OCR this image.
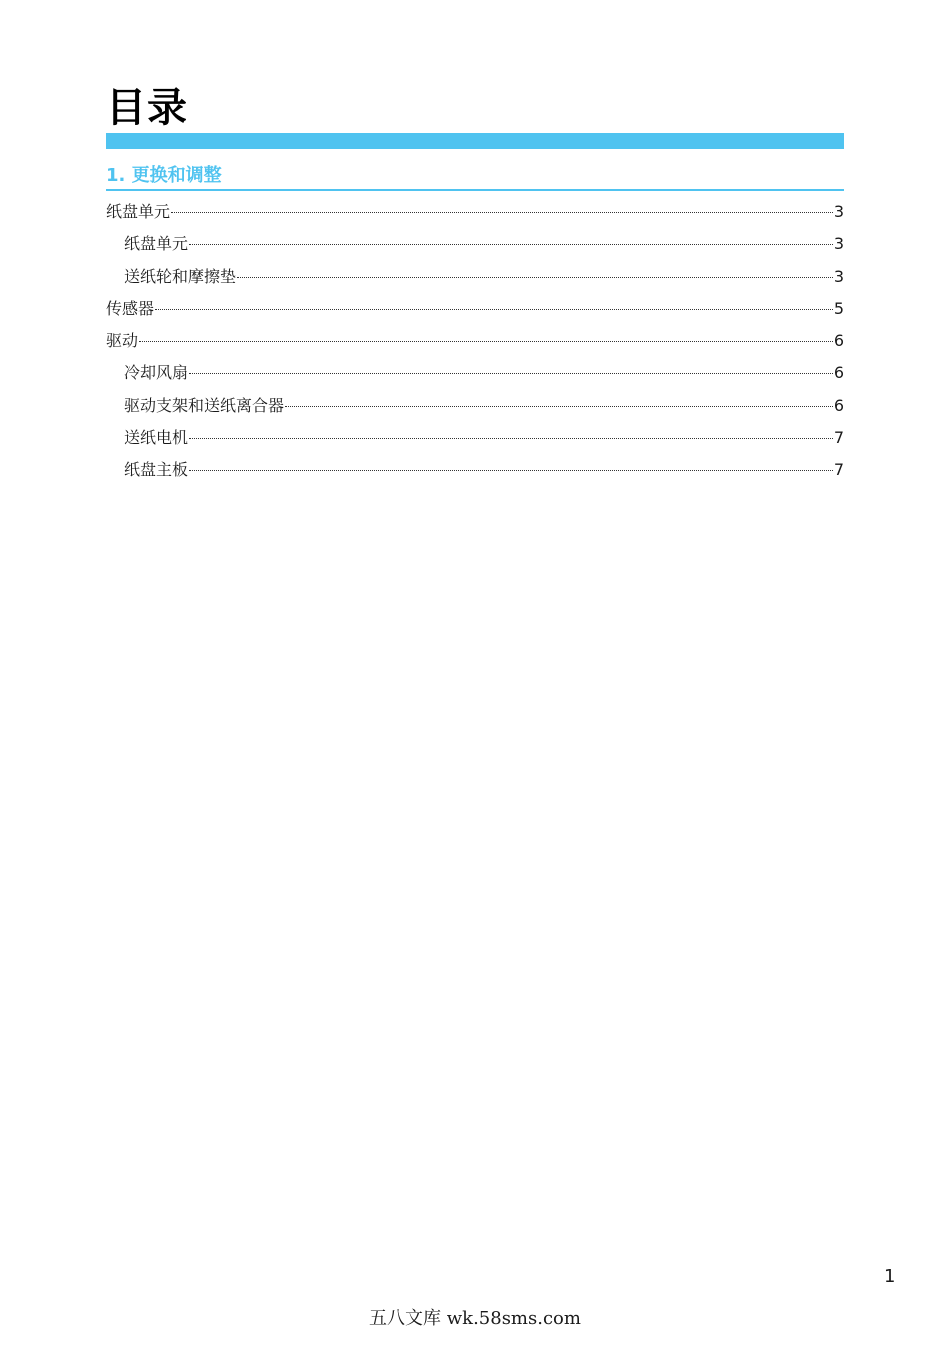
目录
1. 更换和调整
纸盘单元	3
纸盘单元	3
送纸轮和摩擦垫	3
传感器	5
驱动	6
冷却风扇	6
驱动支架和送纸离合器	6
送纸电机	7
纸盘主板	7
1
五八文库 wk.58sms.com
